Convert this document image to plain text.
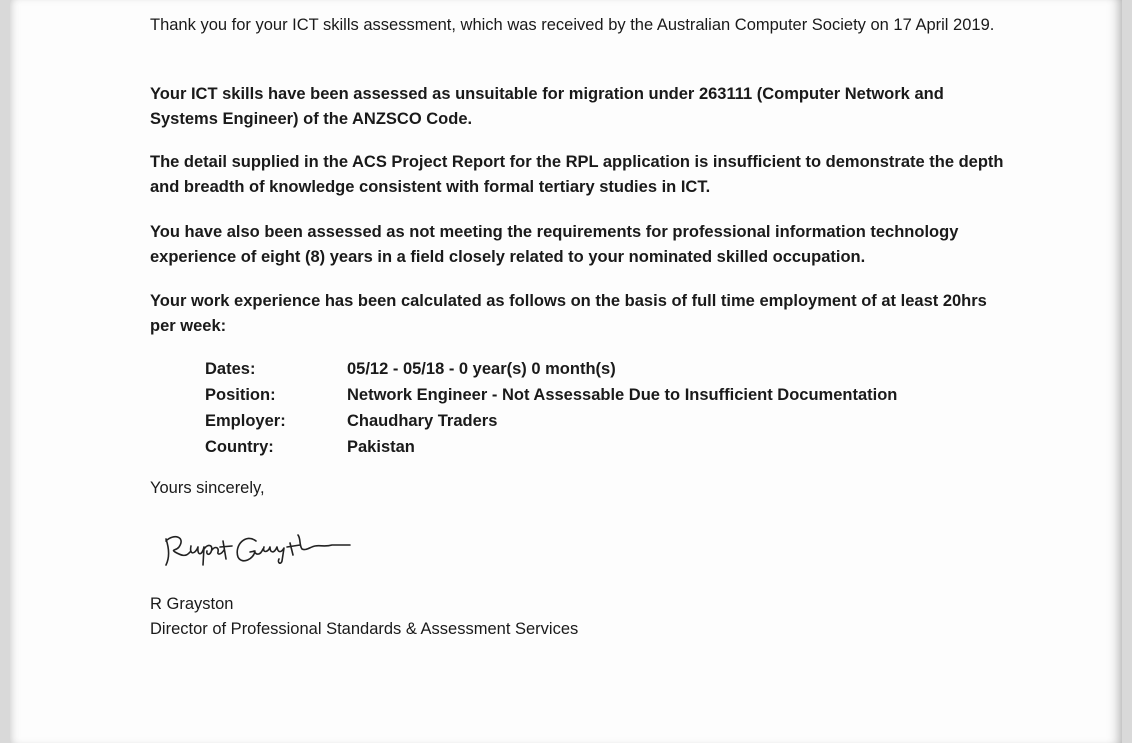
Thank you for your ICT skills assessment, which was received by the Australian Computer Society on 17 April 2019.

Your ICT skills have been assessed as unsuitable for migration under 263111 (Computer Network and Systems Engineer) of the ANZSCO Code.

The detail supplied in the ACS Project Report for the RPL application is insufficient to demonstrate the depth and breadth of knowledge consistent with formal tertiary studies in ICT.

You have also been assessed as not meeting the requirements for professional information technology experience of eight (8) years in a field closely related to your nominated skilled occupation.

Your work experience has been calculated as follows on the basis of full time employment of at least 20hrs per week:

Dates:	05/12 - 05/18 - 0 year(s) 0 month(s)
Position:	Network Engineer - Not Assessable Due to Insufficient Documentation
Employer:	Chaudhary Traders
Country:	Pakistan

Yours sincerely,

R Grayston

Director of Professional Standards & Assessment Services
